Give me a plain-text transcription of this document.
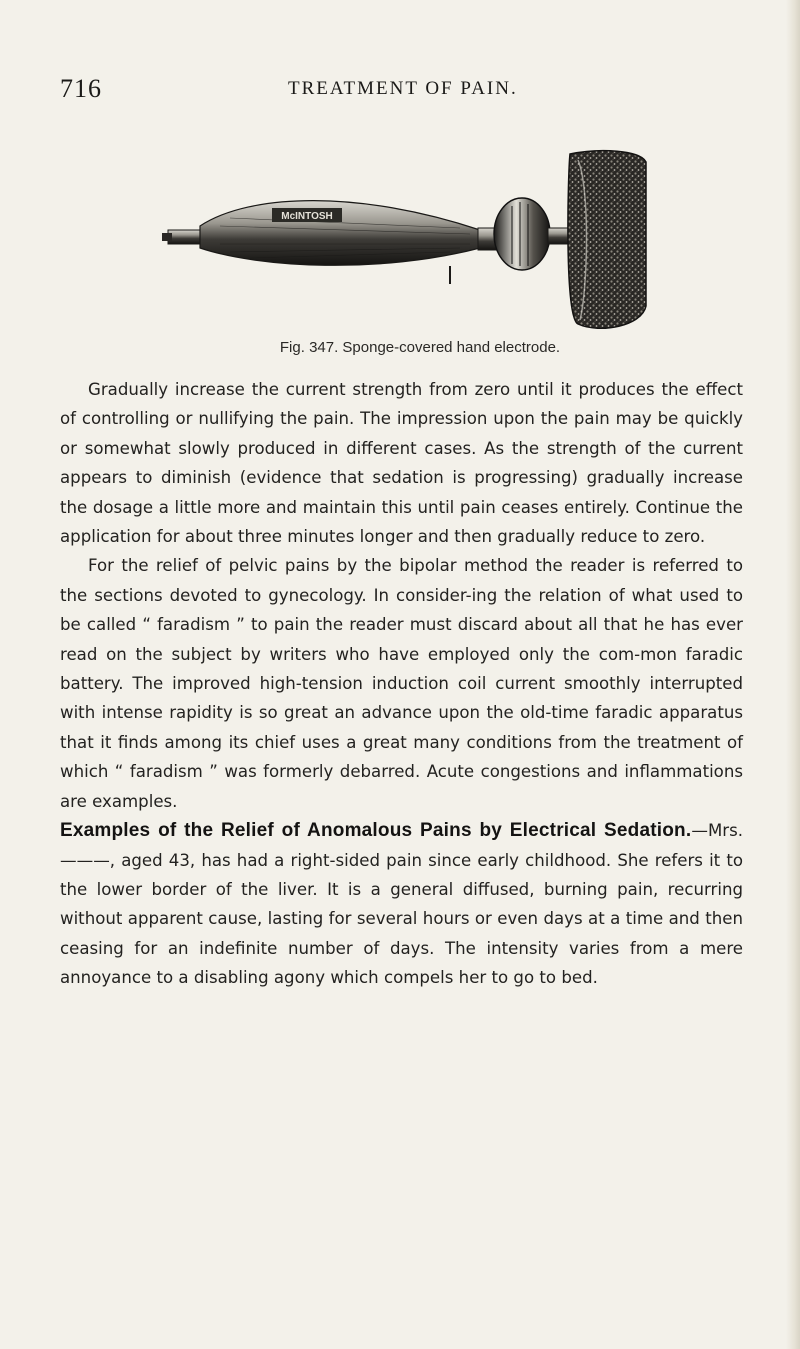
716	TREATMENT OF PAIN.
McINTOSH
Fig. 347. Sponge-covered hand electrode.

Gradually increase the current strength from zero until it produces the effect of controlling or nullifying the pain. The impression upon the pain may be quickly or somewhat slowly produced in different cases. As the strength of the current appears to diminish (evidence that sedation is progressing) gradually increase the dosage a little more and maintain this until pain ceases entirely. Continue the application for about three minutes longer and then gradually reduce to zero.

For the relief of pelvic pains by the bipolar method the reader is referred to the sections devoted to gynecology. In consider-ing the relation of what used to be called “ faradism ” to pain the reader must discard about all that he has ever read on the subject by writers who have employed only the com-mon faradic battery. The improved high-tension induction coil current smoothly interrupted with intense rapidity is so great an advance upon the old-time faradic apparatus that it finds among its chief uses a great many conditions from the treatment of which “ faradism ” was formerly debarred. Acute congestions and inflammations are examples.

Examples of the Relief of Anomalous Pains by Electrical Sedation.—Mrs. ———, aged 43, has had a right-sided pain since early childhood. She refers it to the lower border of the liver. It is a general diffused, burning pain, recurring without apparent cause, lasting for several hours or even days at a time and then ceasing for an indefinite number of days. The intensity varies from a mere annoyance to a disabling agony which compels her to go to bed.
